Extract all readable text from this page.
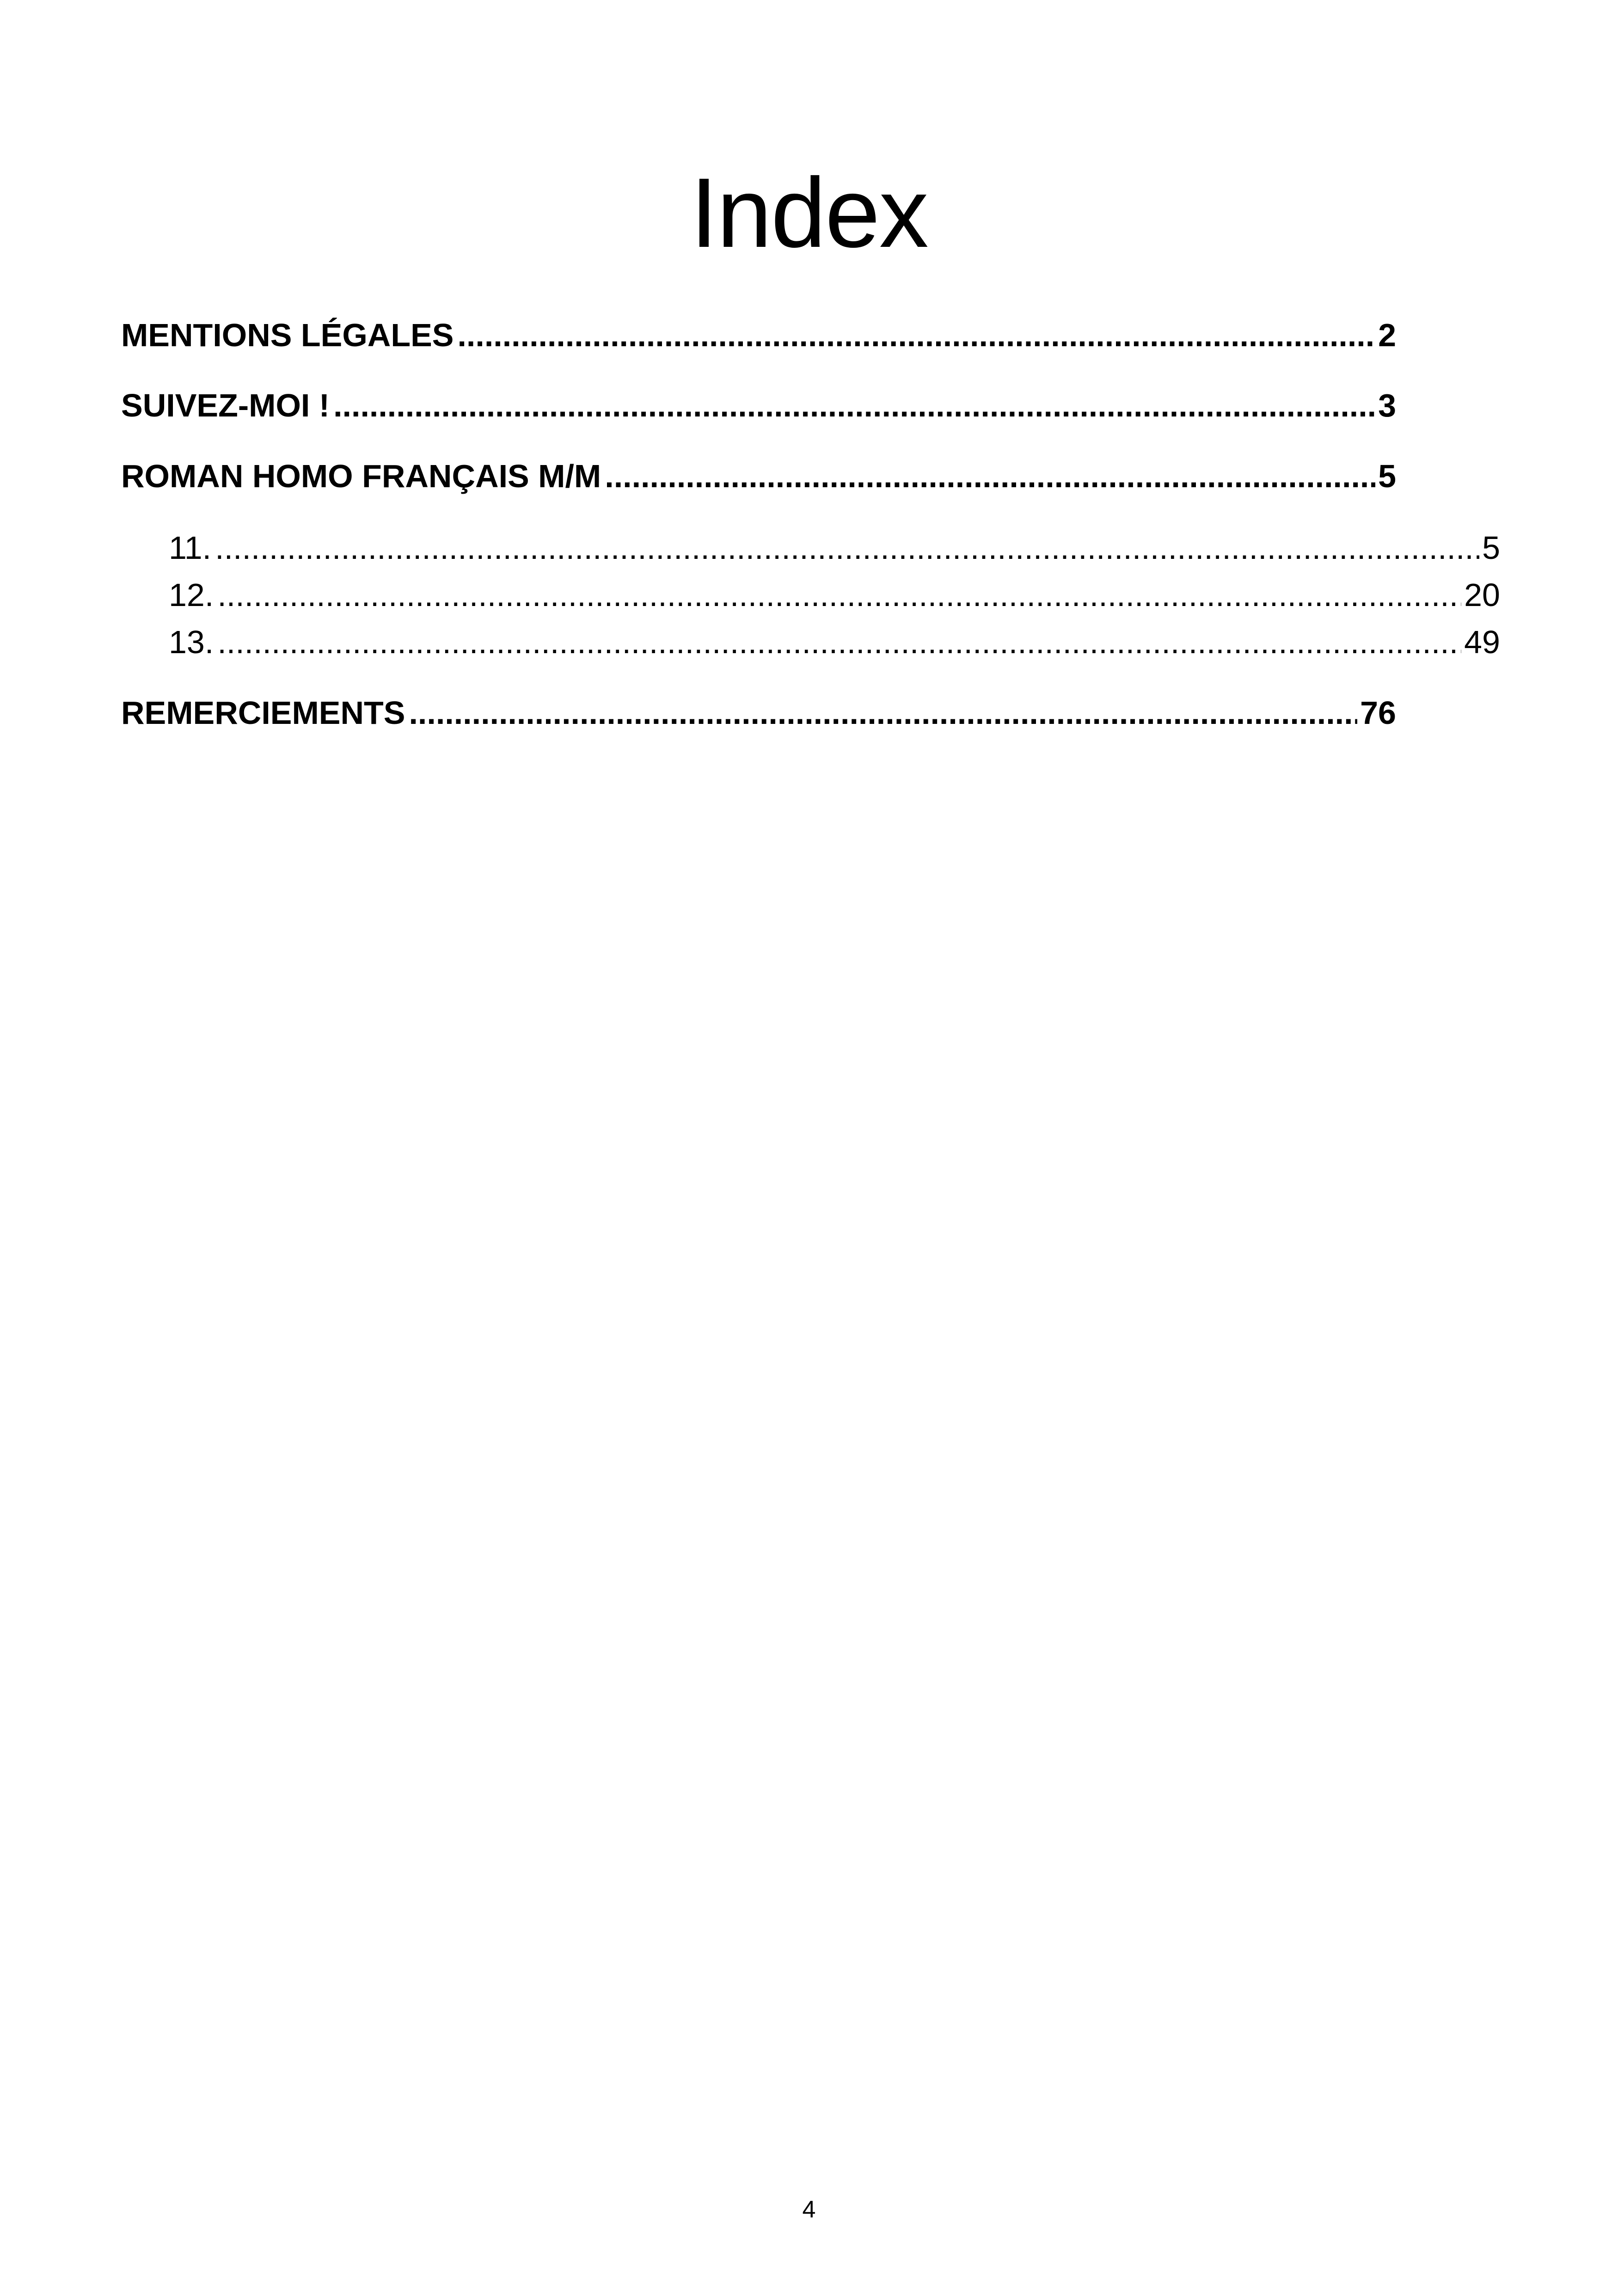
Index
MENTIONS LÉGALES .....	2
SUIVEZ-MOI ! .....	3
ROMAN HOMO FRANÇAIS M/M .....	5
11. .....	5
12. .....	20
13. .....	49
REMERCIEMENTS .....	76
4
